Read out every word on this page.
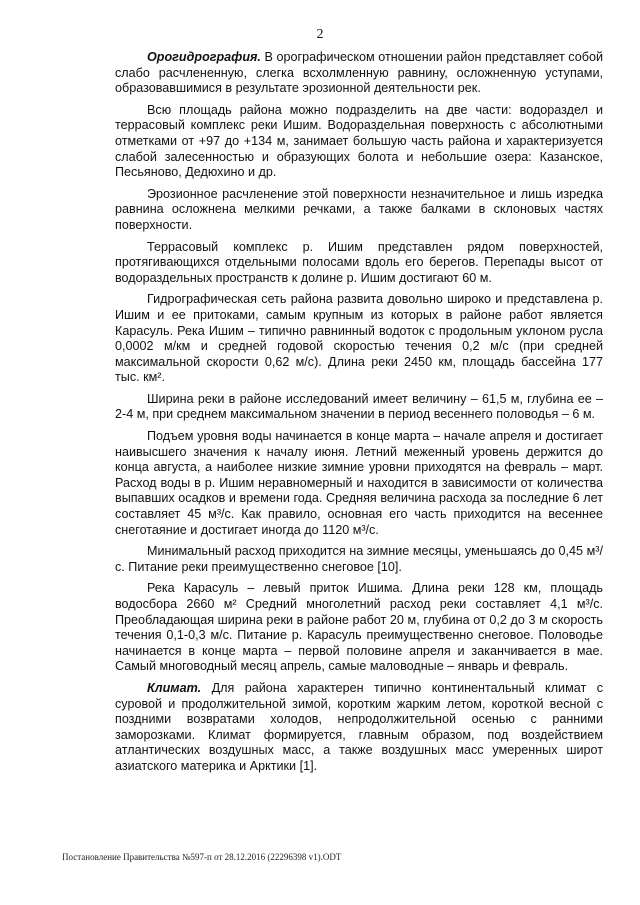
2

Орогидрография. В орографическом отношении район представляет собой слабо расчлененную, слегка всхолмленную равнину, осложненную уступами, образовавшимися в результате эрозионной деятельности рек.

Всю площадь района можно подразделить на две части: водораздел и террасовый комплекс реки Ишим. Водораздельная поверхность с абсолютными отметками от +97 до +134 м, занимает большую часть района и характеризуется слабой залесенностью и образующих болота и небольшие озера: Казанское, Песьяново, Дедюхино и др.

Эрозионное расчленение этой поверхности незначительное и лишь изредка равнина осложнена мелкими речками, а также балками в склоновых частях поверхности.

Террасовый комплекс р. Ишим представлен рядом поверхностей, протягивающихся отдельными полосами вдоль его берегов. Перепады высот от водораздельных пространств к долине р. Ишим достигают 60 м.

Гидрографическая сеть района развита довольно широко и представлена р. Ишим и ее притоками, самым крупным из которых в районе работ является Карасуль. Река Ишим – типично равнинный водоток с продольным уклоном русла 0,0002 м/км и средней годовой скоростью течения 0,2 м/с (при средней максимальной скорости 0,62 м/с). Длина реки 2450 км, площадь бассейна 177 тыс. км².

Ширина реки в районе исследований имеет величину – 61,5 м, глубина ее – 2-4 м, при среднем максимальном значении в период весеннего половодья – 6 м.

Подъем уровня воды начинается в конце марта – начале апреля и достигает наивысшего значения к началу июня. Летний меженный уровень держится до конца августа, а наиболее низкие зимние уровни приходятся на февраль – март. Расход воды в р. Ишим неравномерный и находится в зависимости от количества выпавших осадков и времени года. Средняя величина расхода за последние 6 лет составляет 45 м³/с. Как правило, основная его часть приходится на весеннее снеготаяние и достигает иногда до 1120 м³/с.

Минимальный расход приходится на зимние месяцы, уменьшаясь до 0,45 м³/с. Питание реки преимущественно снеговое [10].

Река Карасуль – левый приток Ишима. Длина реки 128 км, площадь водосбора 2660 м² Средний многолетний расход реки составляет 4,1 м³/с. Преобладающая ширина реки в районе работ 20 м, глубина от 0,2 до 3 м скорость течения 0,1-0,3 м/с. Питание р. Карасуль преимущественно снеговое. Половодье начинается в конце марта – первой половине апреля и заканчивается в мае. Самый многоводный месяц апрель, самые маловодные – январь и февраль.

Климат. Для района характерен типично континентальный климат с суровой и продолжительной зимой, коротким жарким летом, короткой весной с поздними возвратами холодов, непродолжительной осенью с ранними заморозками. Климат формируется, главным образом, под воздействием атлантических воздушных масс, а также воздушных масс умеренных широт азиатского материка и Арктики [1].

Постановление Правительства №597-п от 28.12.2016 (22296398 v1).ODT
